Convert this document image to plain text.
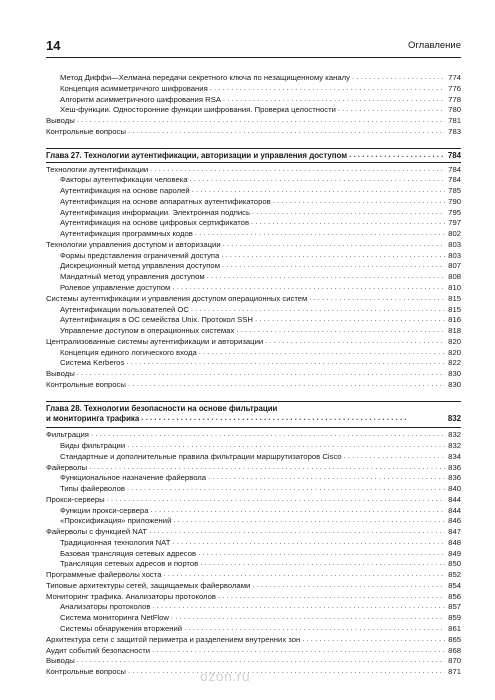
14	Оглавление
Метод Диффи—Хелмана передачи секретного ключа по незащищенному каналу . . .	774
Концепция асимметричного шифрования . . .	776
Алгоритм асимметричного шифрования RSA . . .	778
Хеш-функции. Односторонние функции шифрования. Проверка целостности . . .	780
Выводы . . .	781
Контрольные вопросы . . .	783
Глава 27. Технологии аутентификации, авторизации и управления доступом . . .	784
Технологии аутентификации . . .	784
Факторы аутентификации человека . . .	784
Аутентификация на основе паролей . . .	785
Аутентификация на основе аппаратных аутентификаторов . . .	790
Аутентификация информации. Электронная подпись . . .	795
Аутентификация на основе цифровых сертификатов . . .	797
Аутентификация программных кодов . . .	802
Технологии управления доступом и авторизации . . .	803
Формы представления ограничений доступа . . .	803
Дискреционный метод управления доступом . . .	807
Мандатный метод управления доступом . . .	808
Ролевое управление доступом . . .	810
Системы аутентификации и управления доступом операционных систем . . .	815
Аутентификации пользователей ОС . . .	815
Аутентификация в ОС семейства Unix. Протокол SSH . . .	816
Управление доступом в операционных системах . . .	818
Централизованные системы аутентификации и авторизации . . .	820
Концепция единого логического входа . . .	820
Система Kerberos . . .	822
Выводы . . .	830
Контрольные вопросы . . .	830
Глава 28. Технологии безопасности на основе фильтрации
и мониторинга трафика . . .	832
Фильтрация . . .	832
Виды фильтрации . . .	832
Стандартные и дополнительные правила фильтрации маршрутизаторов Cisco . . .	834
Файерволы . . .	836
Функциональное назначение файервола . . .	836
Типы файерволов . . .	840
Прокси-серверы . . .	844
Функции прокси-сервера . . .	844
«Проксификация» приложений . . .	846
Файерволы с функцией NAT . . .	847
Традиционная технология NAT . . .	848
Базовая трансляция сетевых адресов . . .	849
Трансляция сетевых адресов и портов . . .	850
Программные файерволы хоста . . .	852
Типовые архитектуры сетей, защищаемых файерволами . . .	854
Мониторинг трафика. Анализаторы протоколов . . .	856
Анализаторы протоколов . . .	857
Система мониторинга NetFlow . . .	859
Системы обнаружения вторжений . . .	861
Архитектура сети с защитой периметра и разделением внутренних зон . . .	865
Аудит событий безопасности . . .	868
Выводы . . .	870
Контрольные вопросы . . .	871
ozon.ru
